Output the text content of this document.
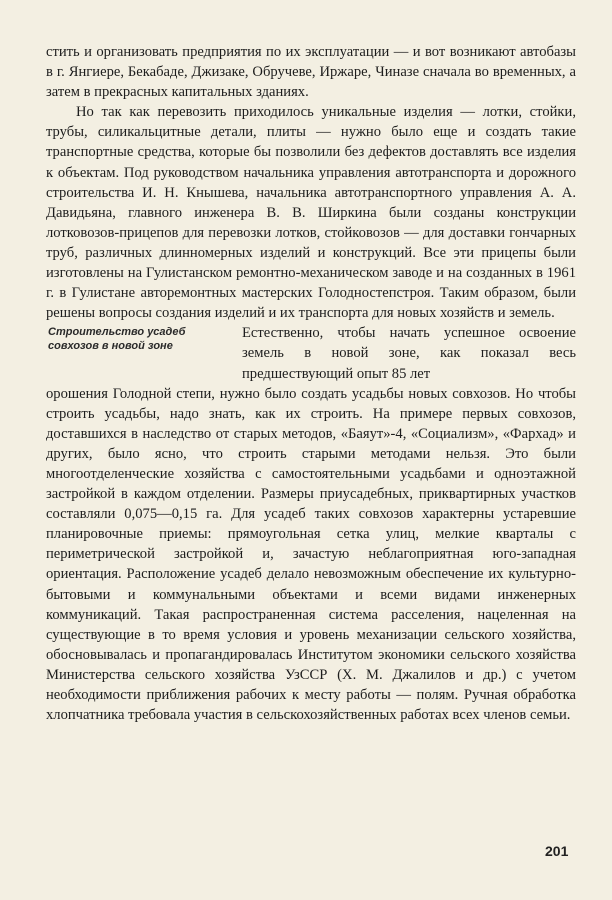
стить и организовать предприятия по их эксплуатации — и вот возникают автобазы в г. Янгиере, Бекабаде, Джизаке, Обручеве, Иржаре, Чиназе сначала во временных, а затем в прекрасных капитальных зданиях.

Но так как перевозить приходилось уникальные изделия — лотки, стойки, трубы, силикальцитные детали, плиты — нужно было еще и создать такие транспортные средства, которые бы позволили без дефектов доставлять все изделия к объектам. Под руководством начальника управления автотранспорта и дорожного строительства И. Н. Кнышева, начальника автотранспортного управления А. А. Давидьяна, главного инженера В. В. Ширкина были созданы конструкции лотковозов-прицепов для перевозки лотков, стойковозов — для доставки гончарных труб, различных длинномерных изделий и конструкций. Все эти прицепы были изготовлены на Гулистанском ремонтно-механическом заводе и на созданных в 1961 г. в Гулистане авторемонтных мастерских Голодностепстроя. Таким образом, были решены вопросы создания изделий и их транспорта для новых хозяйств и земель.

Строительство усадеб
совхозов в новой зоне

Естественно, чтобы начать успешное освоение земель в новой зоне, как показал весь предшествующий опыт 85 лет
орошения Голодной степи, нужно было создать усадьбы новых совхозов. Но чтобы строить усадьбы, надо знать, как их строить. На примере первых совхозов, доставшихся в наследство от старых методов, «Баяут»-4, «Социализм», «Фархад» и других, было ясно, что строить старыми методами нельзя. Это были многоотделенческие хозяйства с самостоятельными усадьбами и одноэтажной застройкой в каждом отделении. Размеры приусадебных, приквартирных участков составляли 0,075—0,15 га. Для усадеб таких совхозов характерны устаревшие планировочные приемы: прямоугольная сетка улиц, мелкие кварталы с периметрической застройкой и, зачастую неблагоприятная юго-западная ориентация. Расположение усадеб делало невозможным обеспечение их культурно-бытовыми и коммунальными объектами и всеми видами инженерных коммуникаций. Такая распространенная система расселения, нацеленная на существующие в то время условия и уровень механизации сельского хозяйства, обосновывалась и пропагандировалась Институтом экономики сельского хозяйства Министерства сельского хозяйства УзССР (Х. М. Джалилов и др.) с учетом необходимости приближения рабочих к месту работы — полям. Ручная обработка хлопчатника требовала участия в сельскохозяйственных работах всех членов семьи.

201
